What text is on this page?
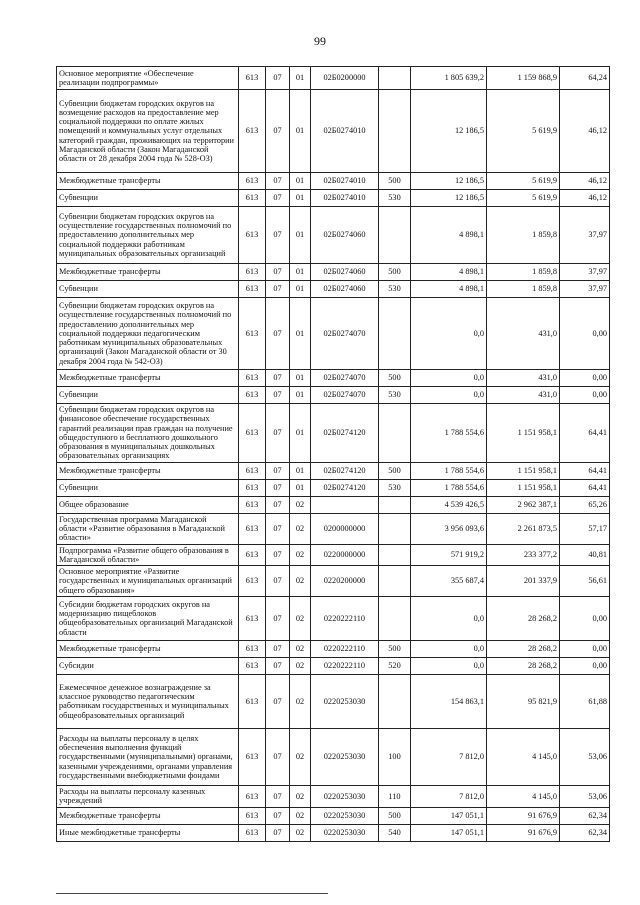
99
Основное мероприятие «Обеспечение реализации подпрограммы»	613	07	01	02Б0200000		1 805 639,2	1 159 868,9	64,24
Субвенции бюджетам городских округов на возмещение расходов на предоставление мер социальной поддержки по оплате жилых помещений и коммунальных услуг отдельных категорий граждан, проживающих на территории Магаданской области (Закон Магаданской области от 28 декабря 2004 года № 528-ОЗ)	613	07	01	02Б0274010		12 186,5	5 619,9	46,12
Межбюджетные трансферты	613	07	01	02Б0274010	500	12 186,5	5 619,9	46,12
Субвенции	613	07	01	02Б0274010	530	12 186,5	5 619,9	46,12
Субвенции бюджетам городских округов на осуществление государственных полномочий по предоставлению дополнительных мер социальной поддержки работникам муниципальных образовательных организаций	613	07	01	02Б0274060		4 898,1	1 859,8	37,97
Межбюджетные трансферты	613	07	01	02Б0274060	500	4 898,1	1 859,8	37,97
Субвенции	613	07	01	02Б0274060	530	4 898,1	1 859,8	37,97
Субвенции бюджетам городских округов на осуществление государственных полномочий по предоставлению дополнительных мер социальной поддержки педагогическим работникам муниципальных образовательных организаций (Закон Магаданской области от 30 декабря 2004 года № 542-ОЗ)	613	07	01	02Б0274070		0,0	431,0	0,00
Межбюджетные трансферты	613	07	01	02Б0274070	500	0,0	431,0	0,00
Субвенции	613	07	01	02Б0274070	530	0,0	431,0	0,00
Субвенции бюджетам городских округов на финансовое обеспечение государственных гарантий реализации прав граждан на получение общедоступного и бесплатного дошкольного образования в муниципальных дошкольных образовательных организациях	613	07	01	02Б0274120		1 788 554,6	1 151 958,1	64,41
Межбюджетные трансферты	613	07	01	02Б0274120	500	1 788 554,6	1 151 958,1	64,41
Субвенции	613	07	01	02Б0274120	530	1 788 554,6	1 151 958,1	64,41
Общее образование	613	07	02			4 539 426,5	2 962 387,1	65,26
Государственная программа Магаданской области «Развитие образования в Магаданской области»	613	07	02	0200000000		3 956 093,6	2 261 873,5	57,17
Подпрограмма «Развитие общего образования в Магаданской области»	613	07	02	0220000000		571 919,2	233 377,2	40,81
Основное мероприятие «Развитие государственных и муниципальных организаций общего образования»	613	07	02	0220200000		355 687,4	201 337,9	56,61
Субсидии бюджетам городских округов на модернизацию пищеблоков общеобразовательных организаций Магаданской области	613	07	02	0220222110		0,0	28 268,2	0,00
Межбюджетные трансферты	613	07	02	0220222110	500	0,0	28 268,2	0,00
Субсидии	613	07	02	0220222110	520	0,0	28 268,2	0,00
Ежемесячное денежное вознаграждение за классное руководство педагогическим работникам государственных и муниципальных общеобразовательных организаций	613	07	02	0220253030		154 863,1	95 821,9	61,88
Расходы на выплаты персоналу в целях обеспечения выполнения функций государственными (муниципальными) органами, казенными учреждениями, органами управления государственными внебюджетными фондами	613	07	02	0220253030	100	7 812,0	4 145,0	53,06
Расходы на выплаты персоналу казенных учреждений	613	07	02	0220253030	110	7 812,0	4 145,0	53,06
Межбюджетные трансферты	613	07	02	0220253030	500	147 051,1	91 676,9	62,34
Иные межбюджетные трансферты	613	07	02	0220253030	540	147 051,1	91 676,9	62,34
